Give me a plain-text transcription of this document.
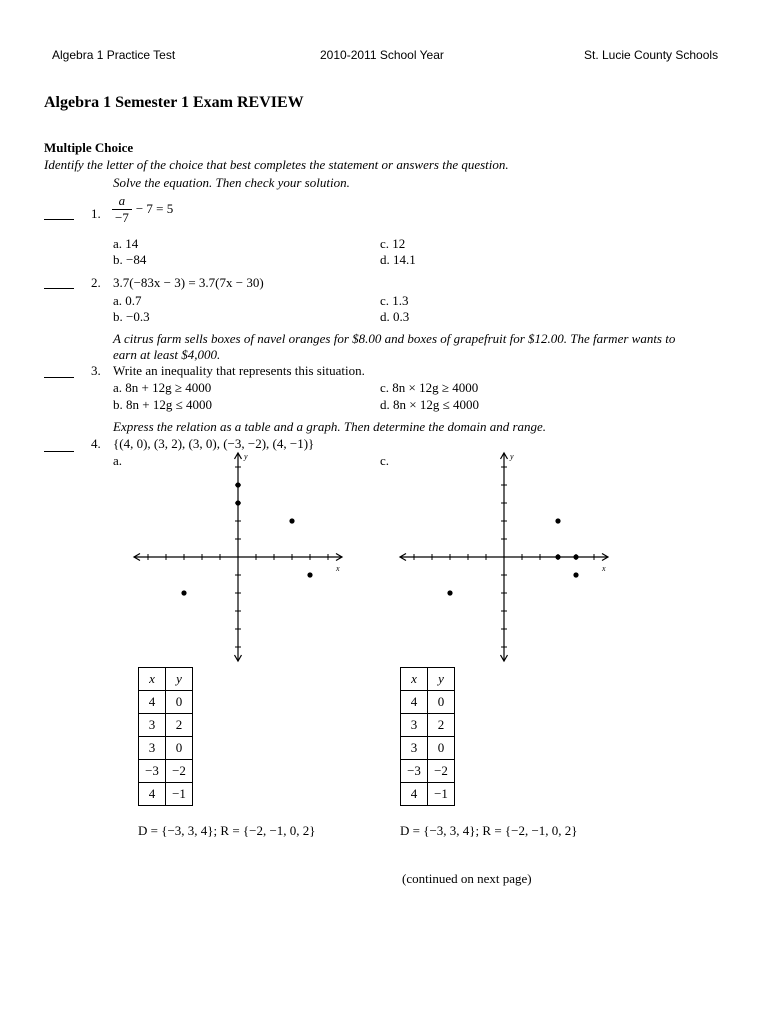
Algebra 1 Practice Test	2010-2011 School Year	St. Lucie County Schools
Algebra 1 Semester 1 Exam REVIEW
Multiple Choice
Identify the letter of the choice that best completes the statement or answers the question.
Solve the equation. Then check your solution.
1. $\frac{a}{-7} - 7 = 5$
a. 14
b. −84
c. 12
d. 14.1
2. 3.7(−83x − 3) = 3.7(7x − 30)
a. 0.7
b. −0.3
c. 1.3
d. 0.3
A citrus farm sells boxes of navel oranges for $8.00 and boxes of grapefruit for $12.00. The farmer wants to
earn at least $4,000.
3. Write an inequality that represents this situation.
a. 8n + 12g ≥ 4000
b. 8n + 12g ≤ 4000
c. 8n × 12g ≥ 4000
d. 8n × 12g ≤ 4000
Express the relation as a table and a graph. Then determine the domain and range.
4. {(4, 0), (3, 2), (3, 0), (−3, −2), (4, −1)}
a.	c.
x
y
x
y
x	y
4	0
3	2
3	0
−3	−2
4	−1
x	y
4	0
3	2
3	0
−3	−2
4	−1
D = {−3, 3, 4}; R = {−2, −1, 0, 2}	D = {−3, 3, 4}; R = {−2, −1, 0, 2}
(continued on next page)
